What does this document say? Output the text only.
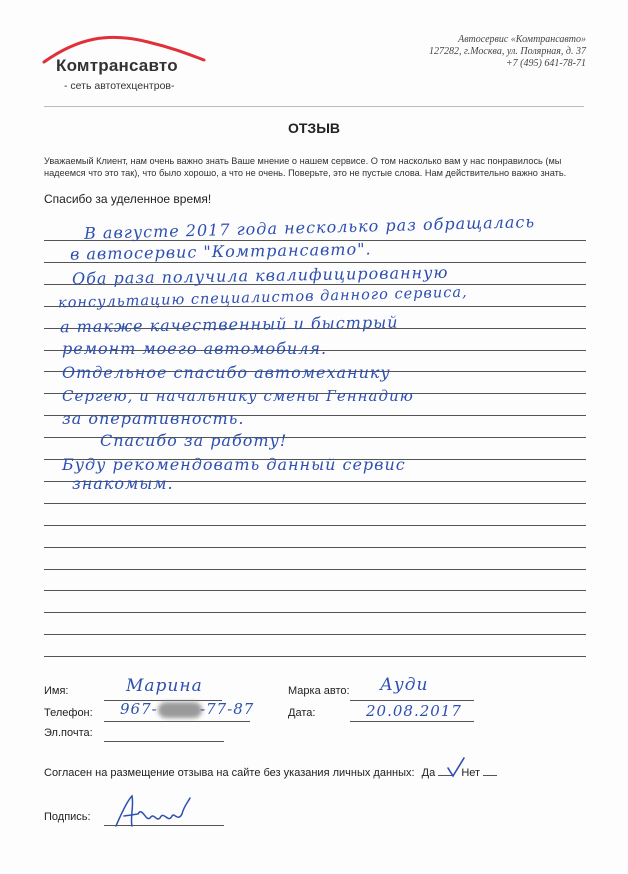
Комтрансавто
- сеть автотехцентров-
Автосервис «Комтрансавто»
127282, г.Москва, ул. Полярная, д. 37
+7 (495) 641-78-71
ОТЗЫВ
Уважаемый Клиент, нам очень важно знать Ваше мнение о нашем сервисе. О том насколько вам у нас понравилось (мы надеемся что это так), что было хорошо, а что не очень. Поверьте, это не пустые слова. Нам действительно важно знать.
Спасибо за уделенное время!
В августе 2017 года несколько раз обращалась
в автосервис "Комтрансавто".
Оба раза получила квалифицированную
консультацию специалистов данного сервиса,
а также качественный и быстрый
ремонт моего автомобиля.
Отдельное спасибо автомеханику
Сергею, и начальнику смены Геннадию
за оперативность.
Спасибо за работу!
Буду рекомендовать данный сервис
знакомым.
Имя:	Марина
Телефон: 967-	-77-87
Эл.почта:
Марка авто: Ауди
Дата:	20.08.2017
Согласен на размещение отзыва на сайте без указания личных данных: Да Нет
Подпись:
